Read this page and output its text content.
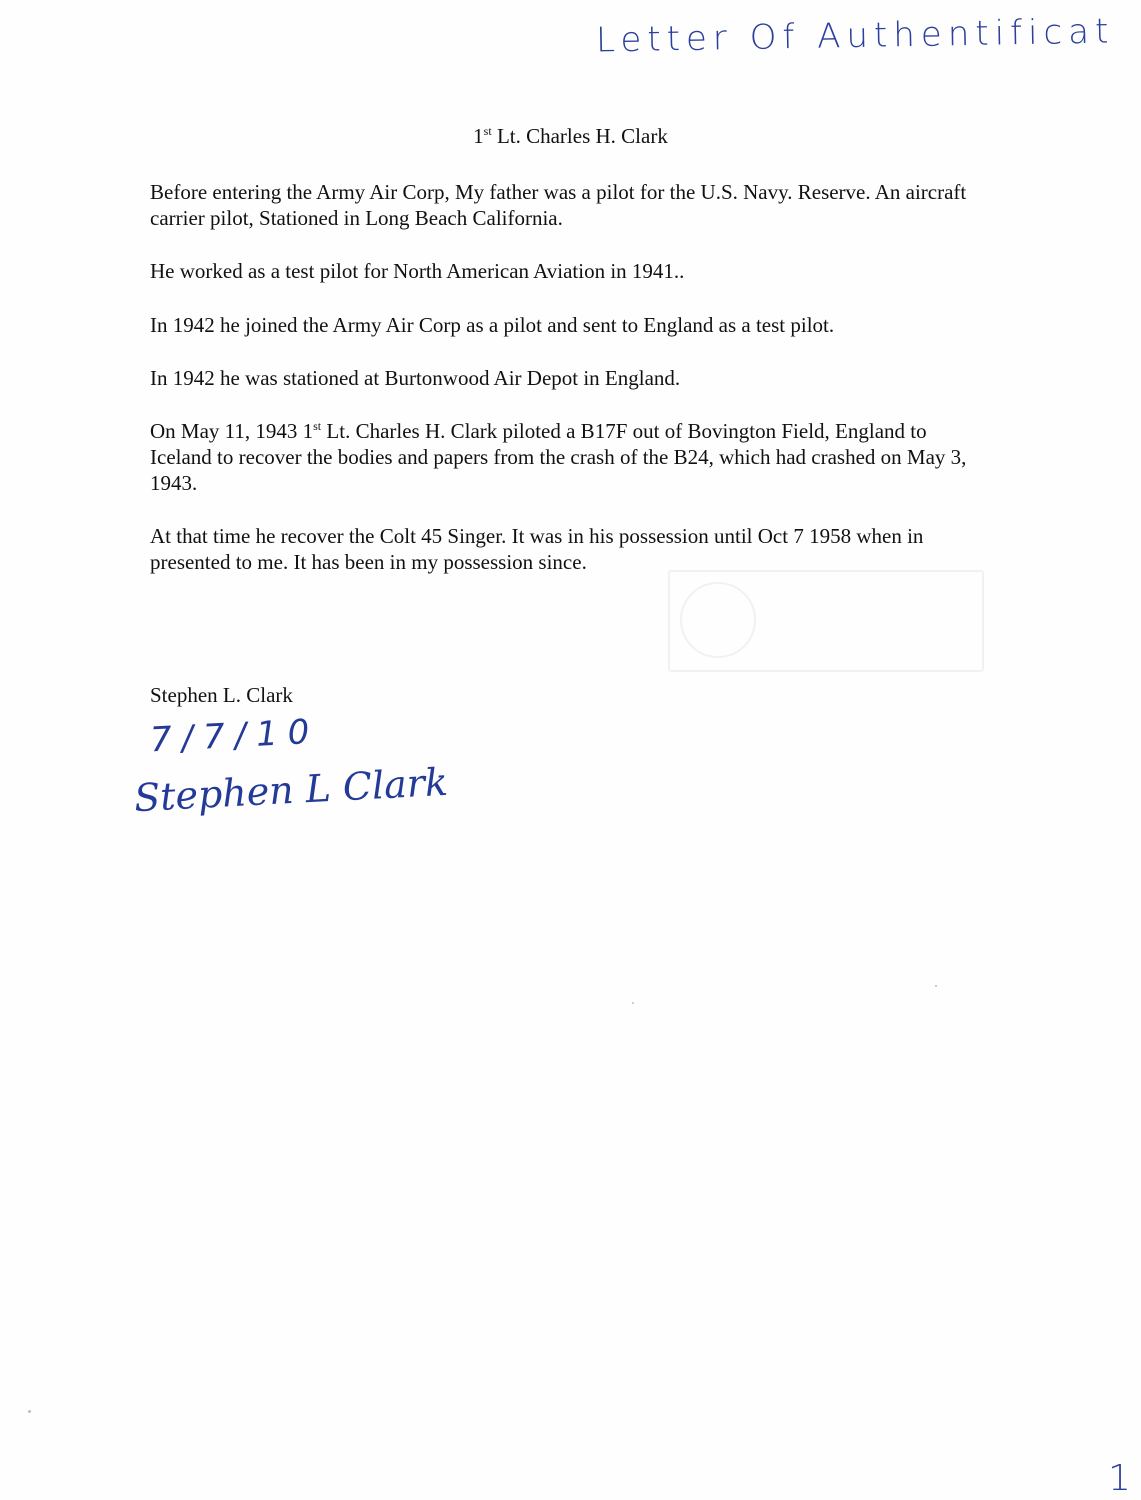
Letter Of Authentificat
1st Lt. Charles H. Clark
Before entering the Army Air Corp, My father was a pilot for the U.S. Navy. Reserve. An aircraft carrier pilot, Stationed in Long Beach California.
He worked as a test pilot for North American Aviation in 1941..
In 1942 he joined the Army Air Corp as a pilot and sent to England as a test pilot.
In 1942 he was stationed at Burtonwood Air Depot in England.
On May 11, 1943 1st Lt. Charles H. Clark piloted a B17F out of Bovington Field, England to Iceland to recover the bodies and papers from the crash of the B24, which had crashed on May 3, 1943.
At that time he recover the Colt 45 Singer. It was in his possession until Oct 7 1958 when in presented to me. It has been in my possession since.
Stephen L. Clark
7/7/10
Stephen L Clark
1
